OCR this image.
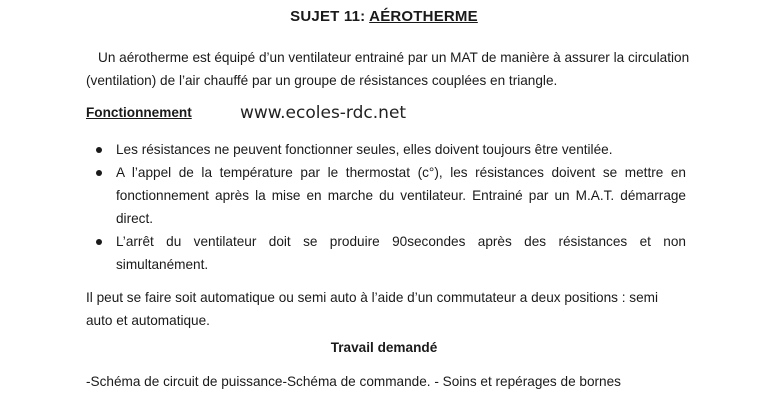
SUJET 11: AÉROTHERME

Un aérotherme est équipé d’un ventilateur entrainé par un MAT de manière à assurer la circulation (ventilation) de l’air chauffé par un groupe de résistances couplées en triangle.

Fonctionnement	www.ecoles-rdc.net
Les résistances ne peuvent fonctionner seules, elles doivent toujours être ventilée.
A l’appel de la température par le thermostat (c°), les résistances doivent se mettre en fonctionnement après la mise en marche du ventilateur. Entrainé par un M.A.T. démarrage direct.
L’arrêt du ventilateur doit se produire 90secondes après des résistances et non simultanément.

Il peut se faire soit automatique ou semi auto à l’aide d’un commutateur a deux positions : semi auto et automatique.

Travail demandé

-Schéma de circuit de puissance-Schéma de commande. - Soins et repérages de bornes
